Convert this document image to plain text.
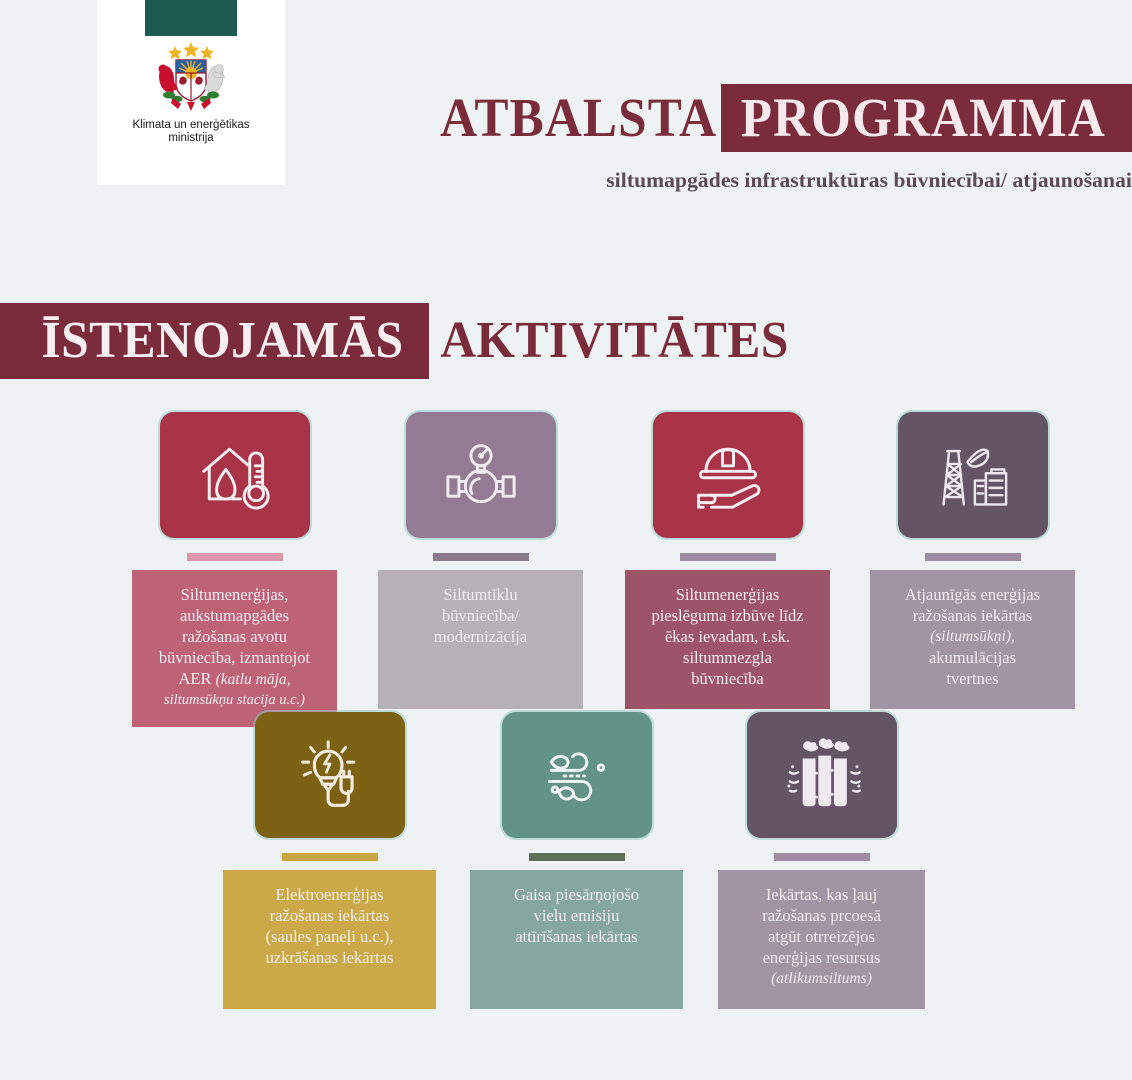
Klimata un enerģētikas
ministrija	ATBALSTA PROGRAMMA
siltumapgādes infrastruktūras būvniecībai/ atjaunošanai
ĪSTENOJAMĀS AKTIVITĀTES
Siltumenerģijas,
aukstumapgādes
ražošanas avotu
būvniecība, izmantojot
AER (katlu māja,
siltumsūkņu stacija u.c.)
Siltumtīklu
būvniecība/
modernizācija
Siltumenerģijas
pieslēguma izbūve līdz
ēkas ievadam, t.sk.
siltummezgla
būvniecība
Atjaunīgās enerģijas
ražošanas iekārtas
(siltumsūkņi),
akumulācijas
tvertnes
Elektroenerģijas
ražošanas iekārtas
(saules paneļi u.c.),
uzkrāšanas iekārtas
Gaisa piesārņojošo
vielu emisiju
attīrīšanas iekārtas
Iekārtas, kas ļauj
ražošanas prcoesā
atgūt otrreizējos
enerģijas resursus
(atlikumsiltums)
